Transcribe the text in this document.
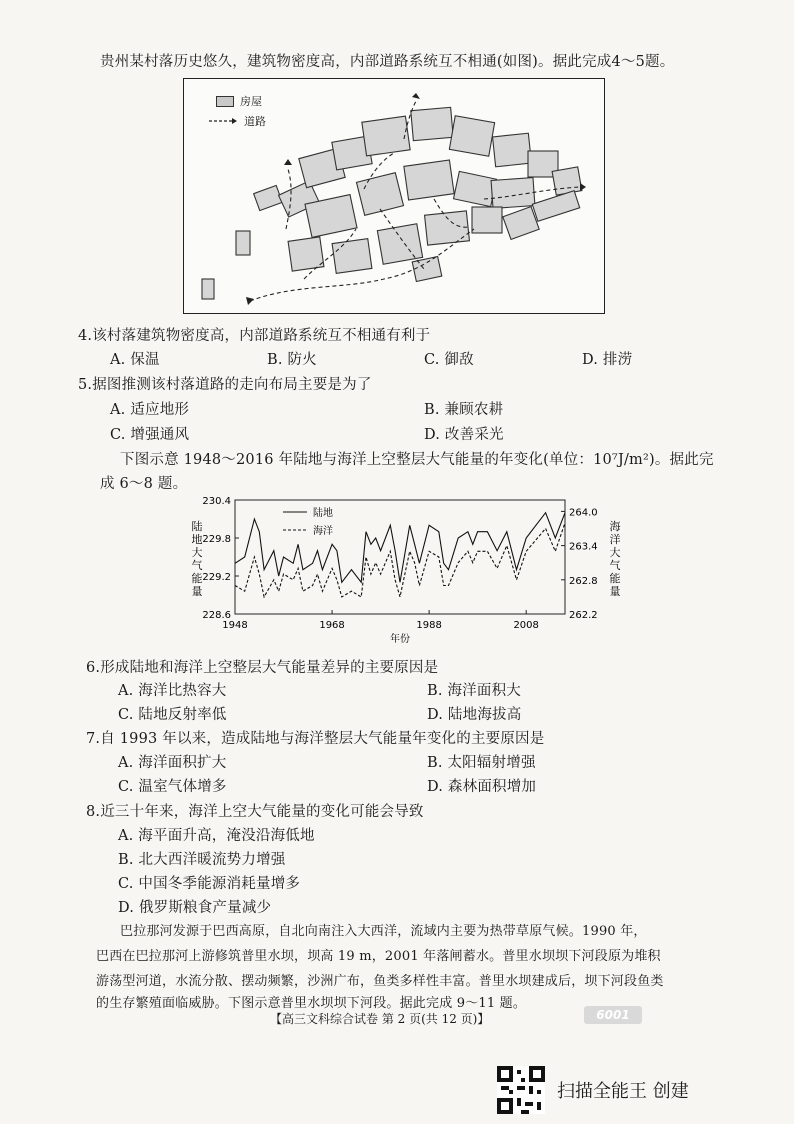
贵州某村落历史悠久，建筑物密度高，内部道路系统互不相通(如图)。据此完成4～5题。
房屋
道路
4.该村落建筑物密度高，内部道路系统互不相通有利于
A. 保温	B. 防火	C. 御敌	D. 排涝
5.据图推测该村落道路的走向布局主要是为了
A. 适应地形	B. 兼顾农耕
C. 增强通风	D. 改善采光
下图示意 1948～2016 年陆地与海洋上空整层大气能量的年变化(单位：10⁷J/m²)。据此完
成 6～8 题。
228.6
229.2
229.8
230.4
262.2
262.8
263.4
264.0
1948	1968	1988	2008
年份
陆
地
大
气
能
量
海
洋
大
气
能
量
陆地
海洋
6.形成陆地和海洋上空整层大气能量差异的主要原因是
A. 海洋比热容大	B. 海洋面积大
C. 陆地反射率低	D. 陆地海拔高
7.自 1993 年以来，造成陆地与海洋整层大气能量年变化的主要原因是
A. 海洋面积扩大	B. 太阳辐射增强
C. 温室气体增多	D. 森林面积增加
8.近三十年来，海洋上空大气能量的变化可能会导致
A. 海平面升高，淹没沿海低地
B. 北大西洋暖流势力增强
C. 中国冬季能源消耗量增多
D. 俄罗斯粮食产量减少
巴拉那河发源于巴西高原，自北向南注入大西洋，流域内主要为热带草原气候。1990 年，
巴西在巴拉那河上游修筑普里水坝，坝高 19 m，2001 年落闸蓄水。普里水坝坝下河段原为堆积
游荡型河道，水流分散、摆动频繁，沙洲广布，鱼类多样性丰富。普里水坝建成后，坝下河段鱼类
的生存繁殖面临威胁。下图示意普里水坝坝下河段。据此完成 9～11 题。
【高三文科综合试卷 第 2 页(共 12 页)】	6001
扫描全能王 创建
